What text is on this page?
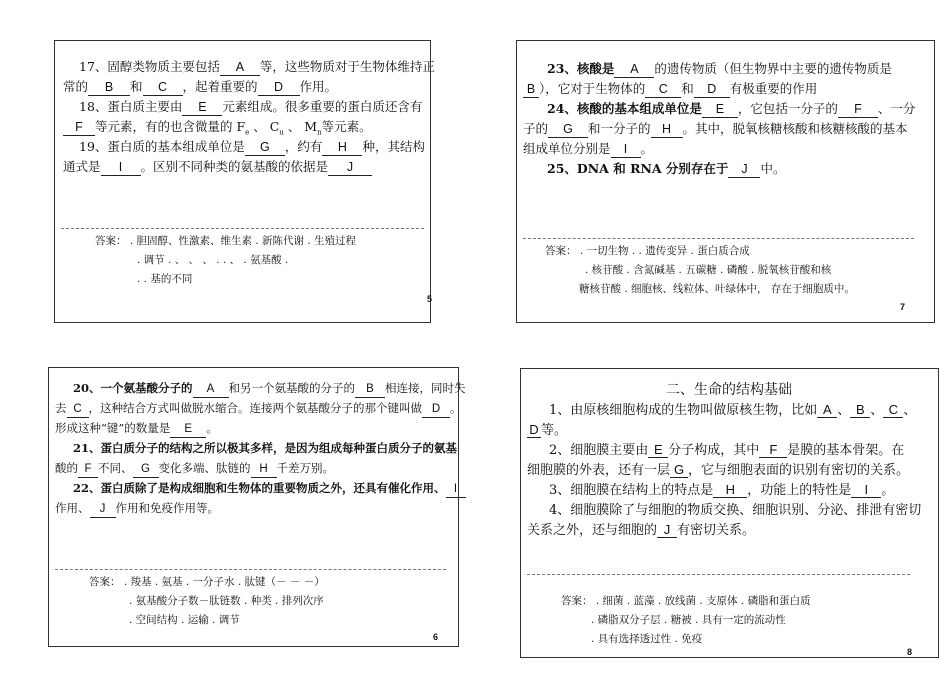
17、固醇类物质主要包括 A 等，这些物质对于生物体维持正
常的 B 和 C ，起着重要的 D 作用。
18、蛋白质主要由 E 元素组成。很多重要的蛋白质还含有
F 等元素，有的也含微量的 $F_e$ 、 $C_u$ 、 $M_n$等元素。
19、蛋白质的基本组成单位是 G ，约有 H 种，其结构
通式是 I 。区别不同种类的氨基酸的依据是 J
答案： . 胆固醇、性激素、维生素 . 新陈代谢 . 生殖过程
. 调节 . 、 、 、 . . 、 . 氨基酸 .
. . 基的不同
5
23、核酸是 A 的遗传物质（但生物界中主要的遗传物质是
B ），它对于生物体的 C 和 D 有极重要的作用
24、核酸的基本组成单位是 E ，它包括一分子的 F 、一分
子的 G 和一分子的 H 。其中，脱氧核糖核酸和核糖核酸的基本
组成单位分别是 I 。
25、DNA 和 RNA 分别存在于 J 中。
答案： . 一切生物 . . 遗传变异 . 蛋白质合成
. 核苷酸 . 含氮碱基 . 五碳糖 . 磷酸 . 脱氧核苷酸和核
糖核苷酸 . 细胞核、线粒体、叶绿体中， 存在于细胞质中。
7
20、一个氨基酸分子的 A 和另一个氨基酸的分子的 B 相连接，同时失
去 C ，这种结合方式叫做脱水缩合。连接两个氨基酸分子的那个键叫做 D 。
形成这种“键”的数量是 E 。
21、蛋白质分子的结构之所以极其多样，是因为组成每种蛋白质分子的氨基
酸的 F 不同、 G 变化多端、肽链的 H 千差万别。
22、蛋白质除了是构成细胞和生物体的重要物质之外，还具有催化作用、 I
作用、 J 作用和免疫作用等。
答案： . 羧基 . 氨基 . 一分子水 . 肽键（－ － －）
. 氨基酸分子数－肽链数 . 种类 . 排列次序
. 空间结构 . 运输 . 调节
6
二、生命的结构基础
1、由原核细胞构成的生物叫做原核生物，比如 A 、 B 、 C 、
D 等。
2、细胞膜主要由 E 分子构成，其中 F 是膜的基本骨架。在
细胞膜的外表，还有一层 G ，它与细胞表面的识别有密切的关系。
3、细胞膜在结构上的特点是 H ，功能上的特性是 I 。
4、细胞膜除了与细胞的物质交换、细胞识别、分泌、排泄有密切
关系之外，还与细胞的 J 有密切关系。
答案： . 细菌 . 蓝藻 . 放线菌 . 支原体 . 磷脂和蛋白质
. 磷脂双分子层 . 糖被 . 具有一定的流动性
. 具有选择透过性 . 免疫
8
